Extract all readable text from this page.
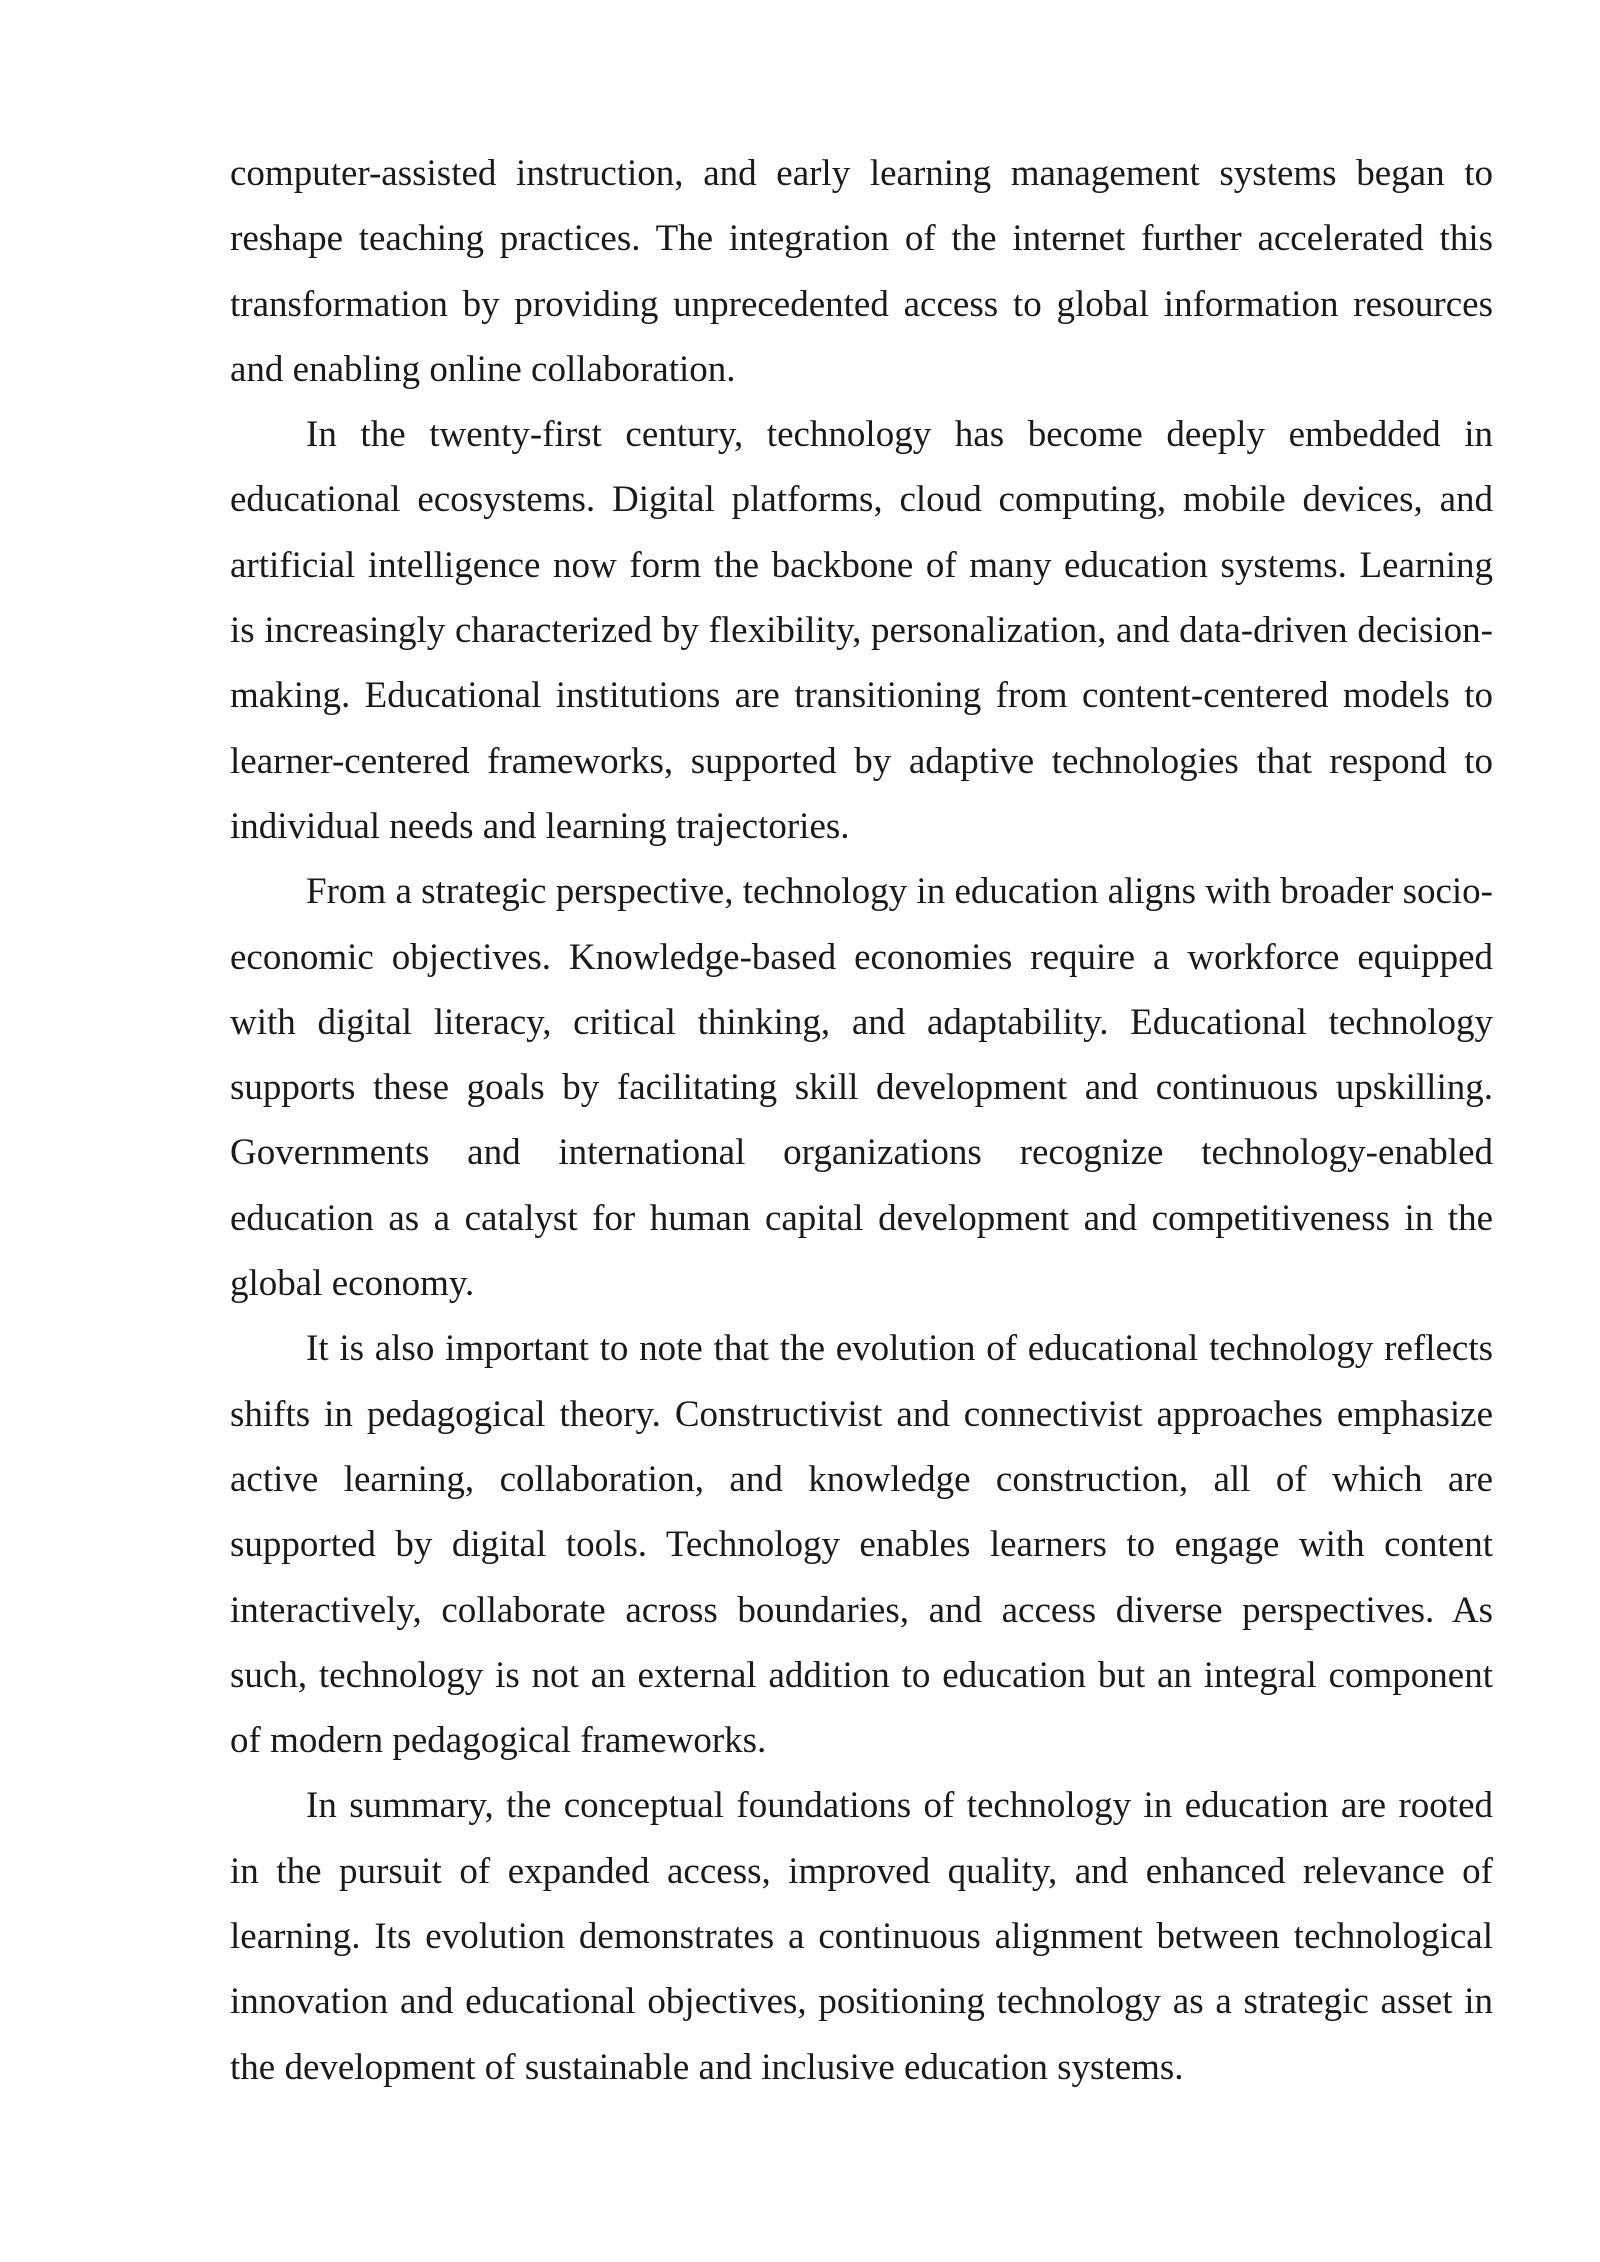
computer-assisted instruction, and early learning management systems began to reshape teaching practices. The integration of the internet further accelerated this transformation by providing unprecedented access to global information resources and enabling online collaboration.

In the twenty-first century, technology has become deeply embedded in educational ecosystems. Digital platforms, cloud computing, mobile devices, and artificial intelligence now form the backbone of many education systems. Learning is increasingly characterized by flexibility, personalization, and data-driven decision-making. Educational institutions are transitioning from content-centered models to learner-centered frameworks, supported by adaptive technologies that respond to individual needs and learning trajectories.

From a strategic perspective, technology in education aligns with broader socio-economic objectives. Knowledge-based economies require a workforce equipped with digital literacy, critical thinking, and adaptability. Educational technology supports these goals by facilitating skill development and continuous upskilling. Governments and international organizations recognize technology-enabled education as a catalyst for human capital development and competitiveness in the global economy.

It is also important to note that the evolution of educational technology reflects shifts in pedagogical theory. Constructivist and connectivist approaches emphasize active learning, collaboration, and knowledge construction, all of which are supported by digital tools. Technology enables learners to engage with content interactively, collaborate across boundaries, and access diverse perspectives. As such, technology is not an external addition to education but an integral component of modern pedagogical frameworks.

In summary, the conceptual foundations of technology in education are rooted in the pursuit of expanded access, improved quality, and enhanced relevance of learning. Its evolution demonstrates a continuous alignment between technological innovation and educational objectives, positioning technology as a strategic asset in the development of sustainable and inclusive education systems.
